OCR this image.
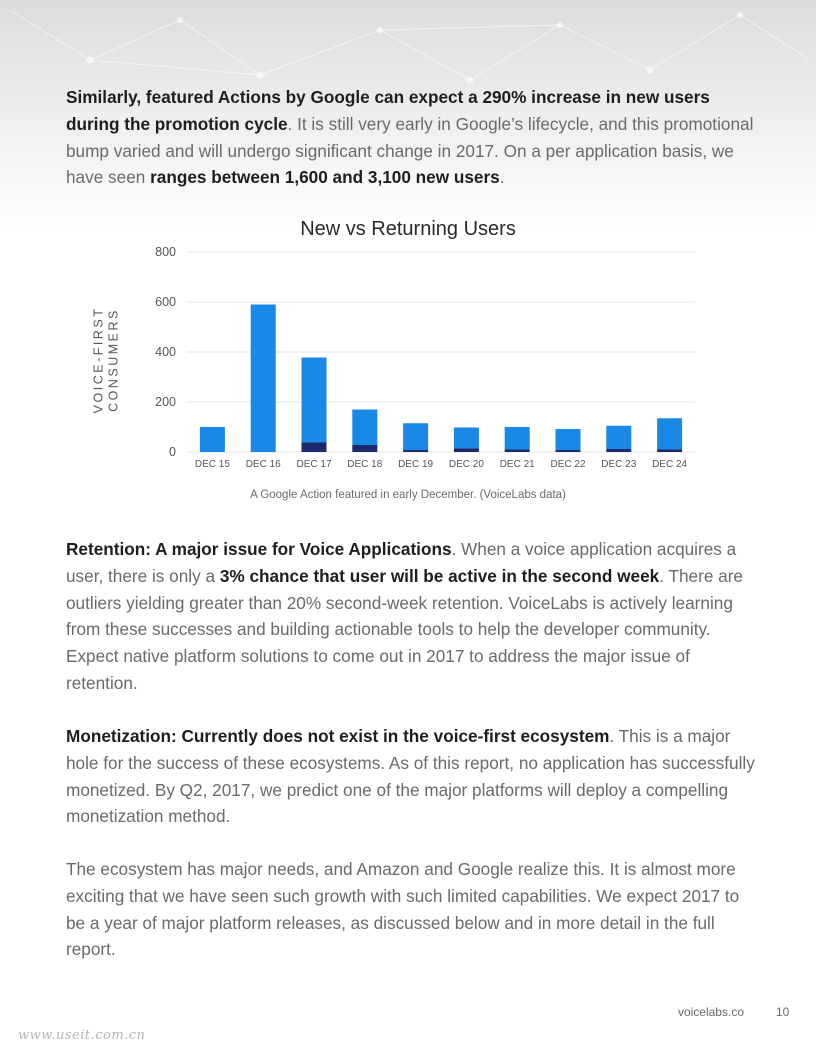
Similarly, featured Actions by Google can expect a 290% increase in new users during the promotion cycle. It is still very early in Google’s lifecycle, and this promotional bump varied and will undergo significant change in 2017. On a per application basis, we have seen ranges between 1,600 and 3,100 new users.

New vs Returning Users
0
200
400
600
800
VOICE-FIRST CONSUMERS
DEC 15 DEC 16 DEC 17 DEC 18 DEC 19 DEC 20 DEC 21 DEC 22 DEC 23 DEC 24
A Google Action featured in early December. (VoiceLabs data)

Retention: A major issue for Voice Applications. When a voice application acquires a user, there is only a 3% chance that user will be active in the second week. There are outliers yielding greater than 20% second-week retention. VoiceLabs is actively learning from these successes and building actionable tools to help the developer community. Expect native platform solutions to come out in 2017 to address the major issue of retention.

Monetization: Currently does not exist in the voice-first ecosystem. This is a major hole for the success of these ecosystems. As of this report, no application has successfully monetized. By Q2, 2017, we predict one of the major platforms will deploy a compelling monetization method.

The ecosystem has major needs, and Amazon and Google realize this. It is almost more exciting that we have seen such growth with such limited capabilities. We expect 2017 to be a year of major platform releases, as discussed below and in more detail in the full report.

voicelabs.co	10
www.useit.com.cn
